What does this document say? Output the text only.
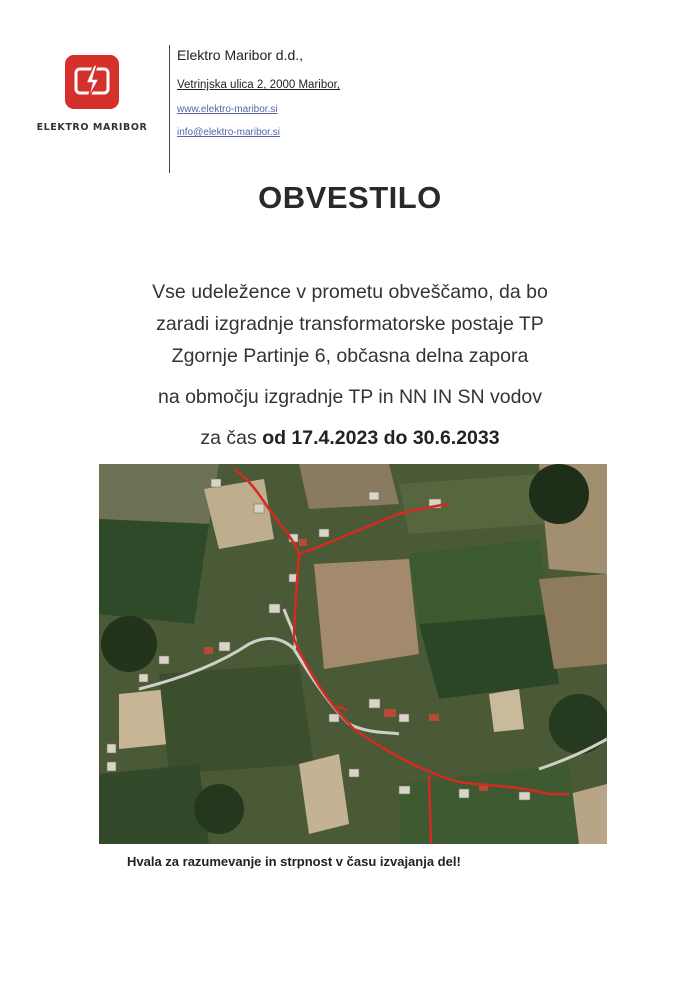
ELEKTRO MARIBOR
Elektro Maribor d.d.,
Vetrinjska ulica 2, 2000 Maribor,
www.elektro-maribor.si
info@elektro-maribor.si
OBVESTILO
Vse udeležence v prometu obveščamo, da bo
zaradi izgradnje transformatorske postaje TP
Zgornje Partinje 6, občasna delna zapora
na območju izgradnje TP in NN IN SN vodov
za čas od 17.4.2023 do 30.6.2033
Hvala za razumevanje in strpnost v času izvajanja del!
